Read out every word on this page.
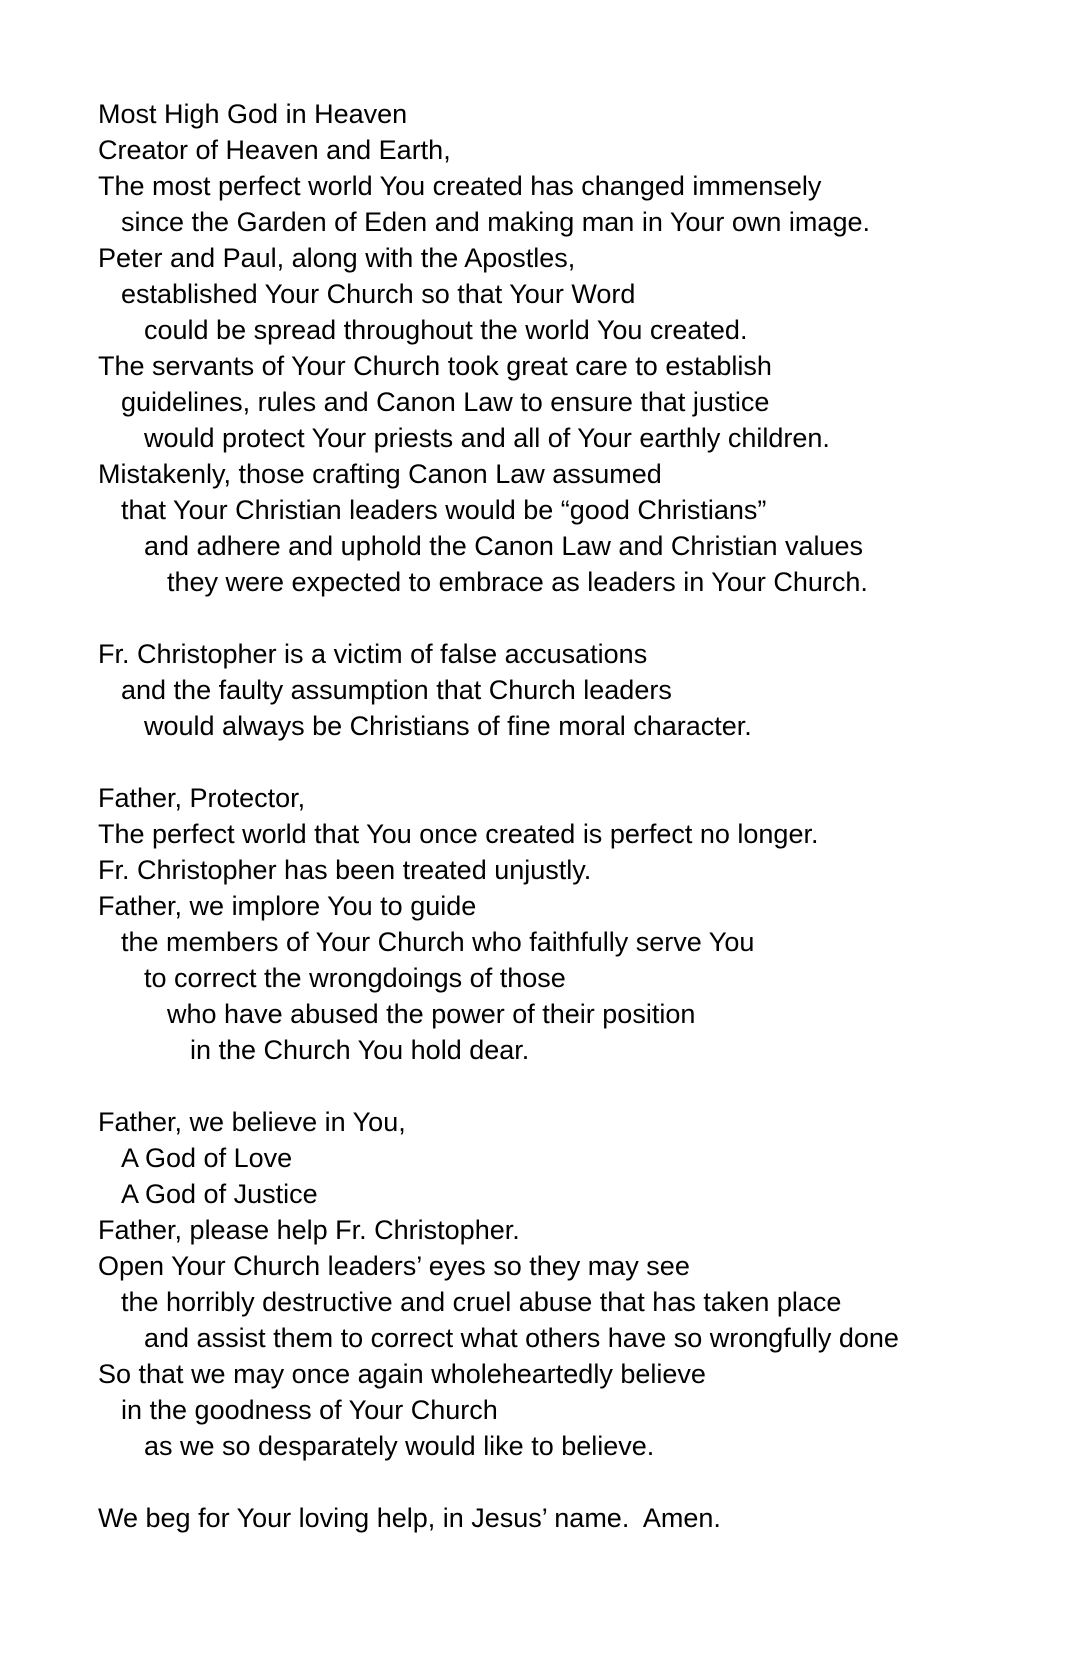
Most High God in Heaven
Creator of Heaven and Earth,
The most perfect world You created has changed immensely
since the Garden of Eden and making man in Your own image.
Peter and Paul, along with the Apostles,
established Your Church so that Your Word
could be spread throughout the world You created.
The servants of Your Church took great care to establish
guidelines, rules and Canon Law to ensure that justice
would protect Your priests and all of Your earthly children.
Mistakenly, those crafting Canon Law assumed
that Your Christian leaders would be “good Christians”
and adhere and uphold the Canon Law and Christian values
they were expected to embrace as leaders in Your Church.
Fr. Christopher is a victim of false accusations
and the faulty assumption that Church leaders
would always be Christians of fine moral character.
Father, Protector,
The perfect world that You once created is perfect no longer.
Fr. Christopher has been treated unjustly.
Father, we implore You to guide
the members of Your Church who faithfully serve You
to correct the wrongdoings of those
who have abused the power of their position
in the Church You hold dear.
Father, we believe in You,
A God of Love
A God of Justice
Father, please help Fr. Christopher.
Open Your Church leaders’ eyes so they may see
the horribly destructive and cruel abuse that has taken place
and assist them to correct what others have so wrongfully done
So that we may once again wholeheartedly believe
in the goodness of Your Church
as we so desparately would like to believe.
We beg for Your loving help, in Jesus’ name.  Amen.
